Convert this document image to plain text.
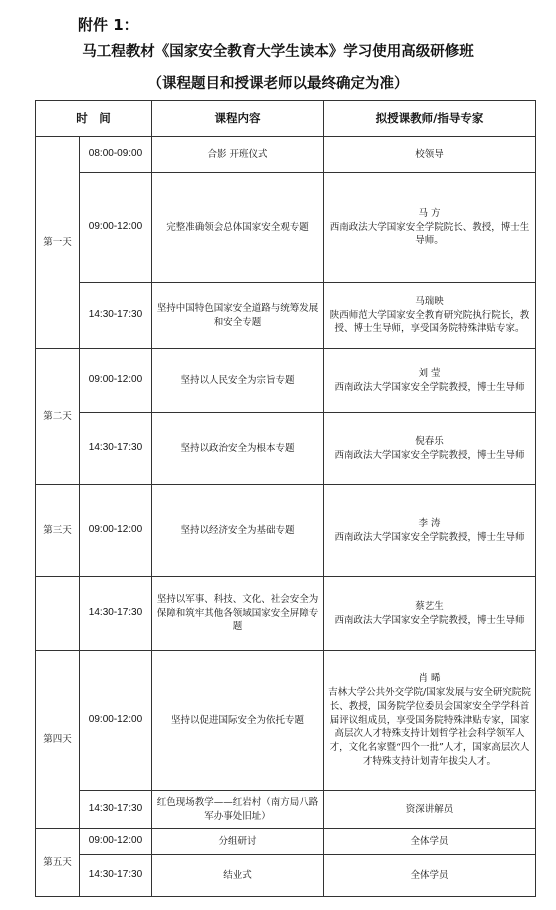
附件 1：
马工程教材《国家安全教育大学生读本》学习使用高级研修班
（课程题目和授课老师以最终确定为准）
时　间		课程内容	拟授课教师/指导专家
第一天	08:00-09:00	合影 开班仪式	校领导

	09:00-12:00	完整准确领会总体国家安全观专题	马 方
西南政法大学国家安全学院院长、教授，博士生导师。

	14:30-17:30	坚持中国特色国家安全道路与统筹发展和安全专题	马瑞映
陕西师范大学国家安全教育研究院执行院长，教授、博士生导师，享受国务院特殊津贴专家。

第二天	09:00-12:00	坚持以人民安全为宗旨专题	刘 莹
西南政法大学国家安全学院教授，博士生导师

	14:30-17:30	坚持以政治安全为根本专题	倪春乐
西南政法大学国家安全学院教授，博士生导师

第三天	09:00-12:00	坚持以经济安全为基础专题	李 涛
西南政法大学国家安全学院教授，博士生导师

	14:30-17:30	坚持以军事、科技、文化、社会安全为保障和筑牢其他各领域国家安全屏障专题	蔡艺生
西南政法大学国家安全学院教授，博士生导师

第四天	09:00-12:00	坚持以促进国际安全为依托专题	肖 晞
吉林大学公共外交学院/国家发展与安全研究院院长、教授，国务院学位委员会国家安全学学科首届评议组成员，享受国务院特殊津贴专家，国家高层次人才特殊支持计划哲学社会科学领军人才，文化名家暨“四个一批”人才，国家高层次人才特殊支持计划青年拔尖人才。

	14:30-17:30	红色现场教学——红岩村（南方局八路军办事处旧址）	资深讲解员

第五天	09:00-12:00	分组研讨	全体学员

	14:30-17:30	结业式	全体学员
